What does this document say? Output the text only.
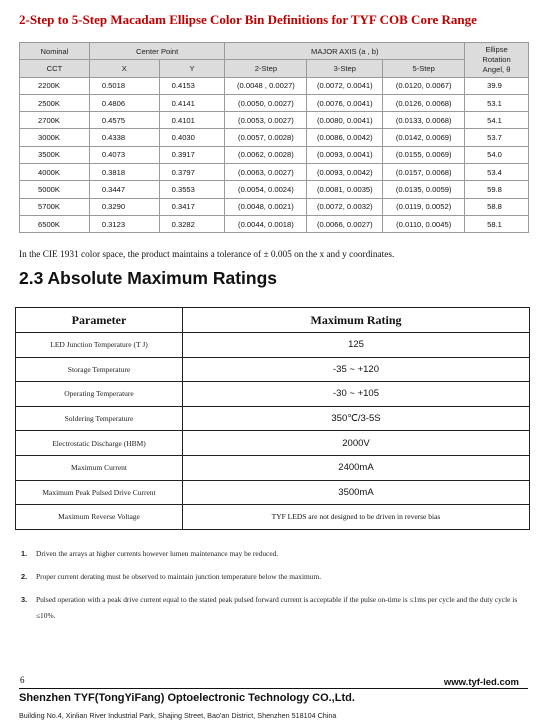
2-Step to 5-Step Macadam Ellipse Color Bin Definitions for TYF COB Core Range
Nominal	Center Point		MAJOR AXIS (a , b)			Ellipse
Rotation
Angel, θ
CCT	X	Y	2-Step	3-Step	5-Step	
2200K	0.5018	0.4153	(0.0048 , 0.0027)	(0.0072, 0.0041)	(0.0120, 0.0067)	39.9
2500K	0.4806	0.4141	(0.0050, 0.0027)	(0.0076, 0.0041)	(0.0126, 0.0068)	53.1
2700K	0.4575	0.4101	(0.0053, 0.0027)	(0.0080, 0.0041)	(0.0133, 0.0068)	54.1
3000K	0.4338	0.4030	(0.0057, 0.0028)	(0.0086, 0.0042)	(0.0142, 0.0069)	53.7
3500K	0.4073	0.3917	(0.0062, 0.0028)	(0.0093, 0.0041)	(0.0155, 0.0069)	54.0
4000K	0.3818	0.3797	(0.0063, 0.0027)	(0.0093, 0.0042)	(0.0157, 0.0068)	53.4
5000K	0.3447	0.3553	(0.0054, 0.0024)	(0.0081, 0.0035)	(0.0135, 0.0059)	59.8
5700K	0.3290	0.3417	(0.0048, 0.0021)	(0.0072, 0.0032)	(0.0119, 0.0052)	58.8
6500K	0.3123	0.3282	(0.0044, 0.0018)	(0.0066, 0.0027)	(0.0110, 0.0045)	58.1
In the CIE 1931 color space, the product maintains a tolerance of ± 0.005 on the x and y coordinates.
2.3 Absolute Maximum Ratings
Parameter	Maximum Rating
LED Junction Temperature (T J)	125
Storage Temperature	-35 ~ +120
Operating Temperature	-30 ~ +105
Soldering Temperature	350℃/3-5S
Electrostatic Discharge (HBM)	2000V
Maximum Current	2400mA
Maximum Peak Pulsed Drive Current	3500mA
Maximum Reverse Voltage	TYF LEDS are not designed to be driven in reverse bias
1. Driven the arrays at higher currents however lumen maintenance may be reduced.
2. Proper current derating must be observed to maintain junction temperature below the maximum.
3. Pulsed operation with a peak drive current equal to the stated peak pulsed forward current is acceptable if the pulse on-time is ≤1ms per cycle and the duty cycle is ≤10%.
6	www.tyf-led.com
Shenzhen TYF(TongYiFang) Optoelectronic Technology CO.,Ltd.
Building No.4, Xinlian River Industrial Park, Shajing Street, Bao'an District, Shenzhen 518104 China
